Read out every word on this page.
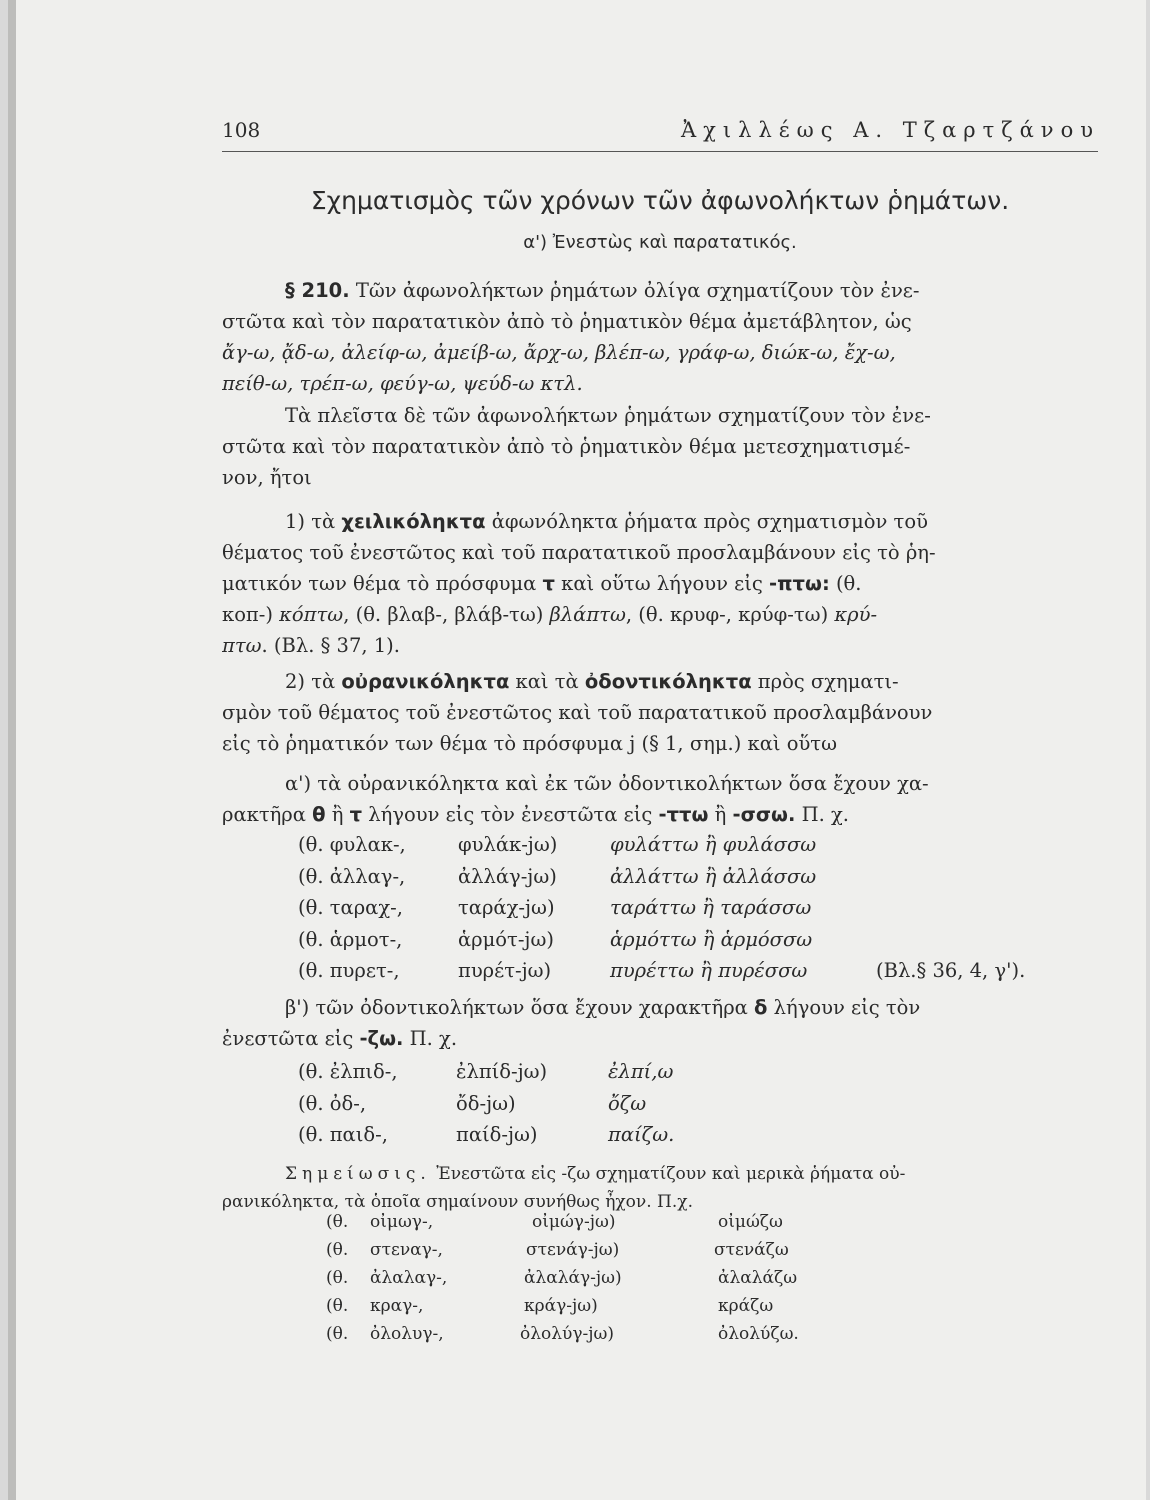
108	Ἀχιλλέως Α. Τζαρτζάνου
Σχηματισμὸς τῶν χρόνων τῶν ἀφωνολήκτων ῥημάτων.
α') Ἐνεστὼς καὶ παρατατικός.
§ 210. Τῶν ἀφωνολήκτων ῥημάτων ὀλίγα σχηματίζουν τὸν ἐνε-
στῶτα καὶ τὸν παρατατικὸν ἀπὸ τὸ ῥηματικὸν θέμα ἀμετάβλητον, ὡς
ἄγ-ω, ᾄδ-ω, ἀλείφ-ω, ἀμείβ-ω, ἄρχ-ω, βλέπ-ω, γράφ-ω, διώκ-ω, ἔχ-ω,
πείθ-ω, τρέπ-ω, φεύγ-ω, ψεύδ-ω κτλ.
Τὰ πλεῖστα δὲ τῶν ἀφωνολήκτων ῥημάτων σχηματίζουν τὸν ἐνε-
στῶτα καὶ τὸν παρατατικὸν ἀπὸ τὸ ῥηματικὸν θέμα μετεσχηματισμέ-
νον, ἤτοι
1) τὰ χειλικόληκτα ἀφωνόληκτα ῥήματα πρὸς σχηματισμὸν τοῦ
θέματος τοῦ ἐνεστῶτος καὶ τοῦ παρατατικοῦ προσλαμβάνουν εἰς τὸ ῥη-
ματικόν των θέμα τὸ πρόσφυμα τ καὶ οὕτω λήγουν εἰς -πτω: (θ.
κοπ-) κόπτω, (θ. βλαβ-, βλάβ-τω) βλάπτω, (θ. κρυφ-, κρύφ-τω) κρύ-
πτω. (Βλ. § 37, 1).
2) τὰ οὐρανικόληκτα καὶ τὰ ὀδοντικόληκτα πρὸς σχηματι-
σμὸν τοῦ θέματος τοῦ ἐνεστῶτος καὶ τοῦ παρατατικοῦ προσλαμβάνουν
εἰς τὸ ῥηματικόν των θέμα τὸ πρόσφυμα j (§ 1, σημ.) καὶ οὕτω
α') τὰ οὐρανικόληκτα καὶ ἐκ τῶν ὀδοντικολήκτων ὅσα ἔχουν χα-
ρακτῆρα θ ἢ τ λήγουν εἰς τὸν ἐνεστῶτα εἰς -ττω ἢ -σσω. Π. χ.
(θ. φυλακ-,	φυλάκ-jω)	φυλάττω ἢ φυλάσσω
(θ. ἀλλαγ-,	ἀλλάγ-jω)	ἀλλάττω ἢ ἀλλάσσω
(θ. ταραχ-,	ταράχ-jω)	ταράττω ἢ ταράσσω
(θ. ἁρμοτ-,	ἁρμότ-jω)	ἁρμόττω ἢ ἁρμόσσω
(θ. πυρετ-,	πυρέτ-jω)	πυρέττω ἢ πυρέσσω	(Βλ.§ 36, 4, γ').
β') τῶν ὀδοντικολήκτων ὅσα ἔχουν χαρακτῆρα δ λήγουν εἰς τὸν
ἐνεστῶτα εἰς -ζω. Π. χ.
(θ. ἐλπιδ-,	ἐλπίδ-jω)	ἐλπί,ω
(θ. ὀδ-,	ὄδ-jω)	ὄζω
(θ. παιδ-,	παίδ-jω)	παίζω.
Σημείωσις. Ἐνεστῶτα εἰς -ζω σχηματίζουν καὶ μερικὰ ῥήματα οὐ-
ρανικόληκτα, τὰ ὁποῖα σημαίνουν συνήθως ἦχον. Π.χ.
(θ. οἰμωγ-,	οἰμώγ-jω)	οἰμώζω
(θ. στεναγ-,	στενάγ-jω)	στενάζω
(θ. ἀλαλαγ-,	ἀλαλάγ-jω)	ἀλαλάζω
(θ. κραγ-,	κράγ-jω)	κράζω
(θ. ὀλολυγ-,	ὀλολύγ-jω)	ὀλολύζω.
